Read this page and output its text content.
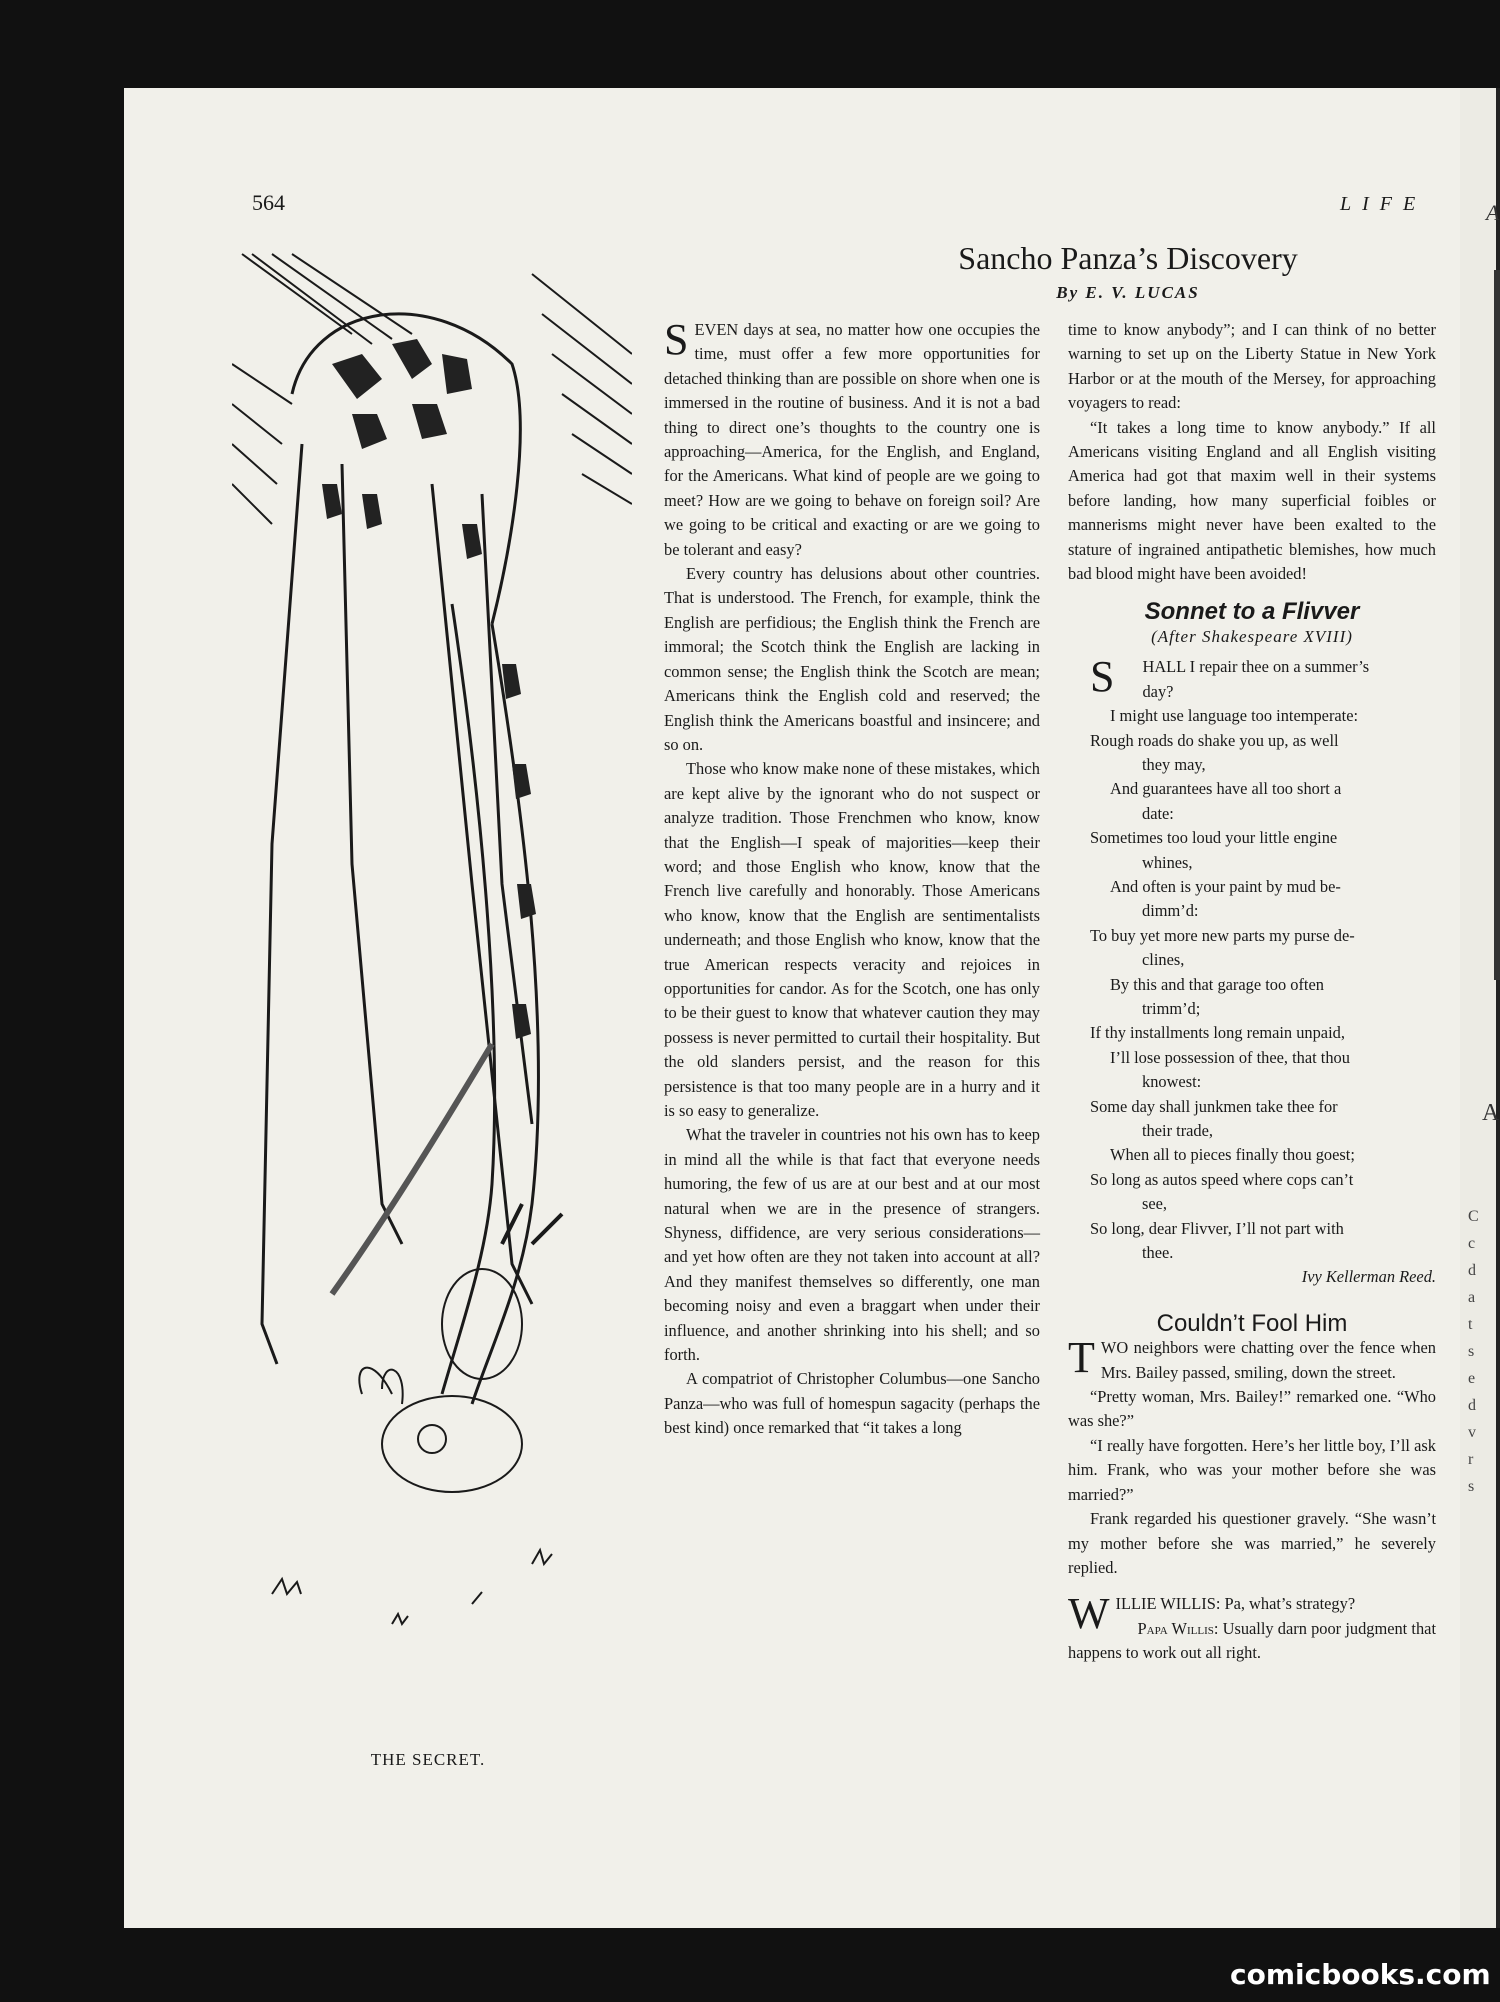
C
c
d
a
t
s
e
d
v
r
s
A
A
564	LIFE
THE SECRET.
Sancho Panza’s Discovery
By E. V. LUCAS

SEVEN days at sea, no matter how one occupies the time, must offer a few more opportunities for detached thinking than are possible on shore when one is immersed in the routine of business. And it is not a bad thing to direct one’s thoughts to the country one is approaching—America, for the English, and England, for the Americans. What kind of people are we going to meet? How are we going to behave on foreign soil? Are we going to be critical and exacting or are we going to be tolerant and easy?

Every country has delusions about other countries. That is understood. The French, for example, think the English are perfidious; the English think the French are immoral; the Scotch think the English are lacking in common sense; the English think the Scotch are mean; Americans think the English cold and reserved; the English think the Americans boastful and insincere; and so on.

Those who know make none of these mistakes, which are kept alive by the ignorant who do not suspect or analyze tradition. Those Frenchmen who know, know that the English—I speak of majorities—keep their word; and those English who know, know that the French live carefully and honorably. Those Americans who know, know that the English are sentimentalists underneath; and those English who know, know that the true American respects veracity and rejoices in opportunities for candor. As for the Scotch, one has only to be their guest to know that whatever caution they may possess is never permitted to curtail their hospitality. But the old slanders persist, and the reason for this persistence is that too many people are in a hurry and it is so easy to generalize.

What the traveler in countries not his own has to keep in mind all the while is that fact that everyone needs humoring, the few of us are at our best and at our most natural when we are in the presence of strangers. Shyness, diffidence, are very serious considerations—and yet how often are they not taken into account at all? And they manifest themselves so differently, one man becoming noisy and even a braggart when under their influence, and another shrinking into his shell; and so forth.

A compatriot of Christopher Columbus—one Sancho Panza—who was full of homespun sagacity (perhaps the best kind) once remarked that “it takes a long

time to know anybody”; and I can think of no better warning to set up on the Liberty Statue in New York Harbor or at the mouth of the Mersey, for approaching voyagers to read:

“It takes a long time to know anybody.” If all Americans visiting England and all English visiting America had got that maxim well in their systems before landing, how many superficial foibles or mannerisms might never have been exalted to the stature of ingrained antipathetic blemishes, how much bad blood might have been avoided!

Sonnet to a Flivver
(After Shakespeare XVIII)

S HALL I repair thee on a summer’s

day?

I might use language too intemperate:

Rough roads do shake you up, as well

they may,

And guarantees have all too short a

date:

Sometimes too loud your little engine

whines,

And often is your paint by mud be-

dimm’d:

To buy yet more new parts my purse de-

clines,

By this and that garage too often

trimm’d;

If thy installments long remain unpaid,

I’ll lose possession of thee, that thou

knowest:

Some day shall junkmen take thee for

their trade,

When all to pieces finally thou goest;

So long as autos speed where cops can’t

see,

So long, dear Flivver, I’ll not part with

thee.

Ivy Kellerman Reed.

Couldn’t Fool Him

TWO neighbors were chatting over the fence when Mrs. Bailey passed, smiling, down the street.

“Pretty woman, Mrs. Bailey!” remarked one. “Who was she?”

“I really have forgotten. Here’s her little boy, I’ll ask him. Frank, who was your mother before she was married?”

Frank regarded his questioner gravely. “She wasn’t my mother before she was married,” he severely replied.

WILLIE WILLIS: Pa, what’s strategy?

Papa Willis: Usually darn poor judgment that happens to work out all right.

comicbooks.com
